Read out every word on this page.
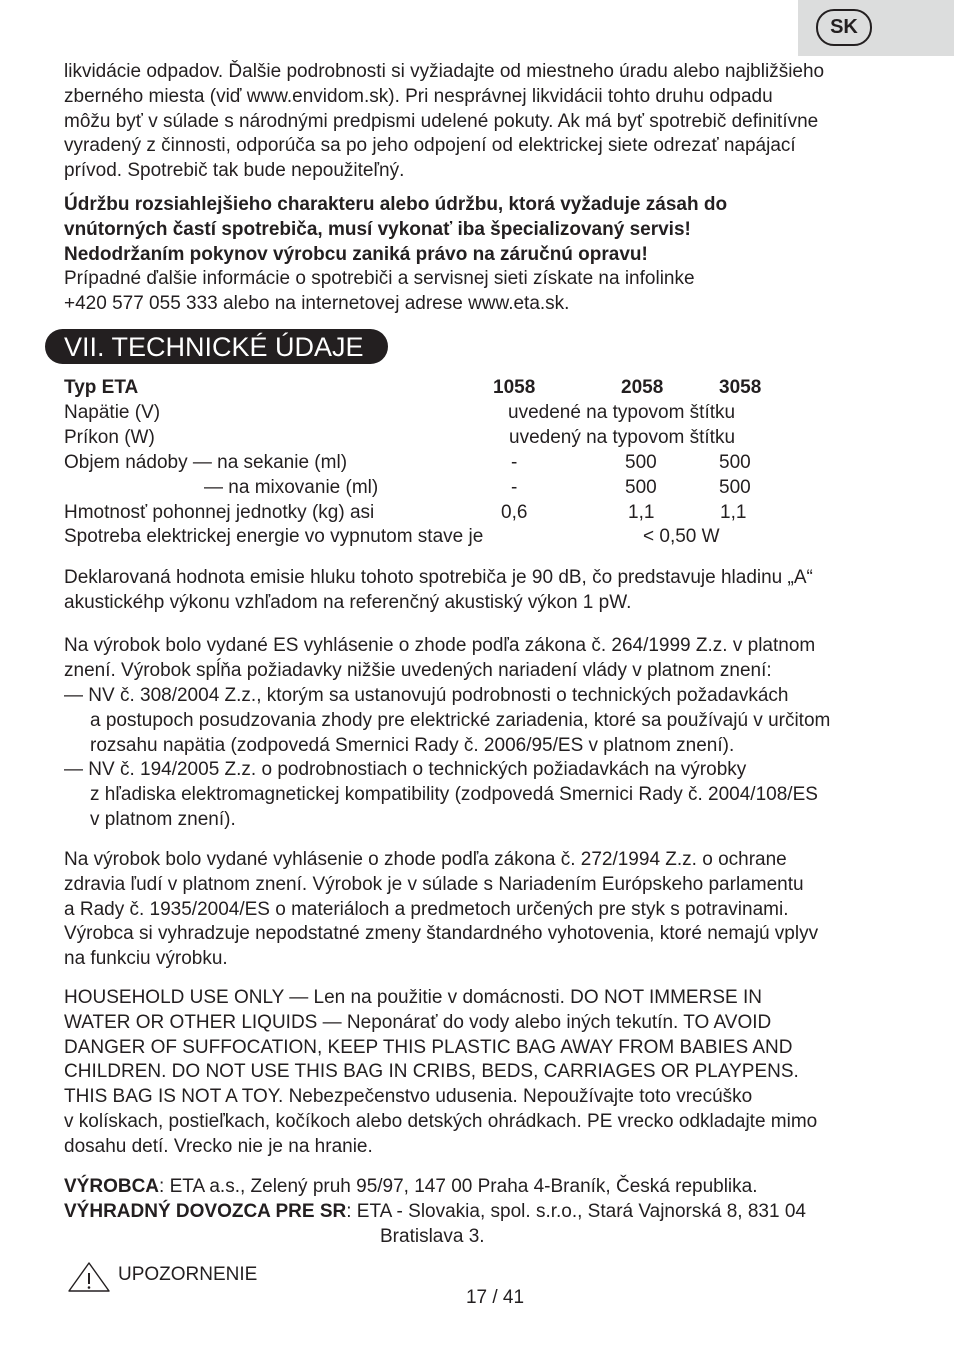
SK
likvidácie odpadov. Ďalšie podrobnosti si vyžiadajte od miestneho úradu alebo najbližšieho
zberného miesta (viď www.envidom.sk). Pri nesprávnej likvidácii tohto druhu odpadu
môžu byť v súlade s národnými predpismi udelené pokuty. Ak má byť spotrebič definitívne
vyradený z činnosti, odporúča sa po jeho odpojení od elektrickej siete odrezať napájací
prívod. Spotrebič tak bude nepoužiteľný.
Údržbu rozsiahlejšieho charakteru alebo údržbu, ktorá vyžaduje zásah do
vnútorných častí spotrebiča, musí vykonať iba špecializovaný servis!
Nedodržaním pokynov výrobcu zaniká právo na záručnú opravu!
Prípadné ďalšie informácie o spotrebiči a servisnej sieti získate na infolinke
+420 577 055 333 alebo na internetovej adrese www.eta.sk.
VII. TECHNICKÉ ÚDAJE
Typ ETA	1058	2058	3058
Napätie (V)	uvedené na typovom štítku
Príkon (W)	uvedený na typovom štítku
Objem nádoby — na sekanie (ml)	-	500	500
— na mixovanie (ml)	-	500	500
Hmotnosť pohonnej jednotky (kg) asi	0,6	1,1	1,1
Spotreba elektrickej energie vo vypnutom stave je	< 0,50 W
Deklarovaná hodnota emisie hluku tohoto spotrebiča je 90 dB, čo predstavuje hladinu „A“
akustickéhp výkonu vzhľadom na referenčný akustiský výkon 1 pW.
Na výrobok bolo vydané ES vyhlásenie o zhode podľa zákona č. 264/1999 Z.z. v platnom
znení. Výrobok spĺňa požiadavky nižšie uvedených nariadení vlády v platnom znení:
— NV č. 308/2004 Z.z., ktorým sa ustanovujú podrobnosti o technických požadavkách
a postupoch posudzovania zhody pre elektrické zariadenia, ktoré sa používajú v určitom
rozsahu napätia (zodpovedá Smernici Rady č. 2006/95/ES v platnom znení).
— NV č. 194/2005 Z.z. o podrobnostiach o technických požiadavkách na výrobky
z hľadiska elektromagnetickej kompatibility (zodpovedá Smernici Rady č. 2004/108/ES
v platnom znení).
Na výrobok bolo vydané vyhlásenie o zhode podľa zákona č. 272/1994 Z.z. o ochrane
zdravia ľudí v platnom znení. Výrobok je v súlade s Nariadením Európskeho parlamentu
a Rady č. 1935/2004/ES o materiáloch a predmetoch určených pre styk s potravinami.
Výrobca si vyhradzuje nepodstatné zmeny štandardného vyhotovenia, ktoré nemajú vplyv
na funkciu výrobku.
HOUSEHOLD USE ONLY — Len na použitie v domácnosti. DO NOT IMMERSE IN
WATER OR OTHER LIQUIDS — Neponárať do vody alebo iných tekutín. TO AVOID
DANGER OF SUFFOCATION, KEEP THIS PLASTIC BAG AWAY FROM BABIES AND
CHILDREN. DO NOT USE THIS BAG IN CRIBS, BEDS, CARRIAGES OR PLAYPENS.
THIS BAG IS NOT A TOY. Nebezpečenstvo udusenia. Nepoužívajte toto vrecúško
v kolískach, postieľkach, kočíkoch alebo detských ohrádkach. PE vrecko odkladajte mimo
dosahu detí. Vrecko nie je na hranie.
VÝROBCA: ETA a.s., Zelený pruh 95/97, 147 00 Praha 4-Braník, Česká republika.
VÝHRADNÝ DOVOZCA PRE SR: ETA - Slovakia, spol. s.r.o., Stará Vajnorská 8, 831 04
Bratislava 3.
UPOZORNENIE
17 / 41
